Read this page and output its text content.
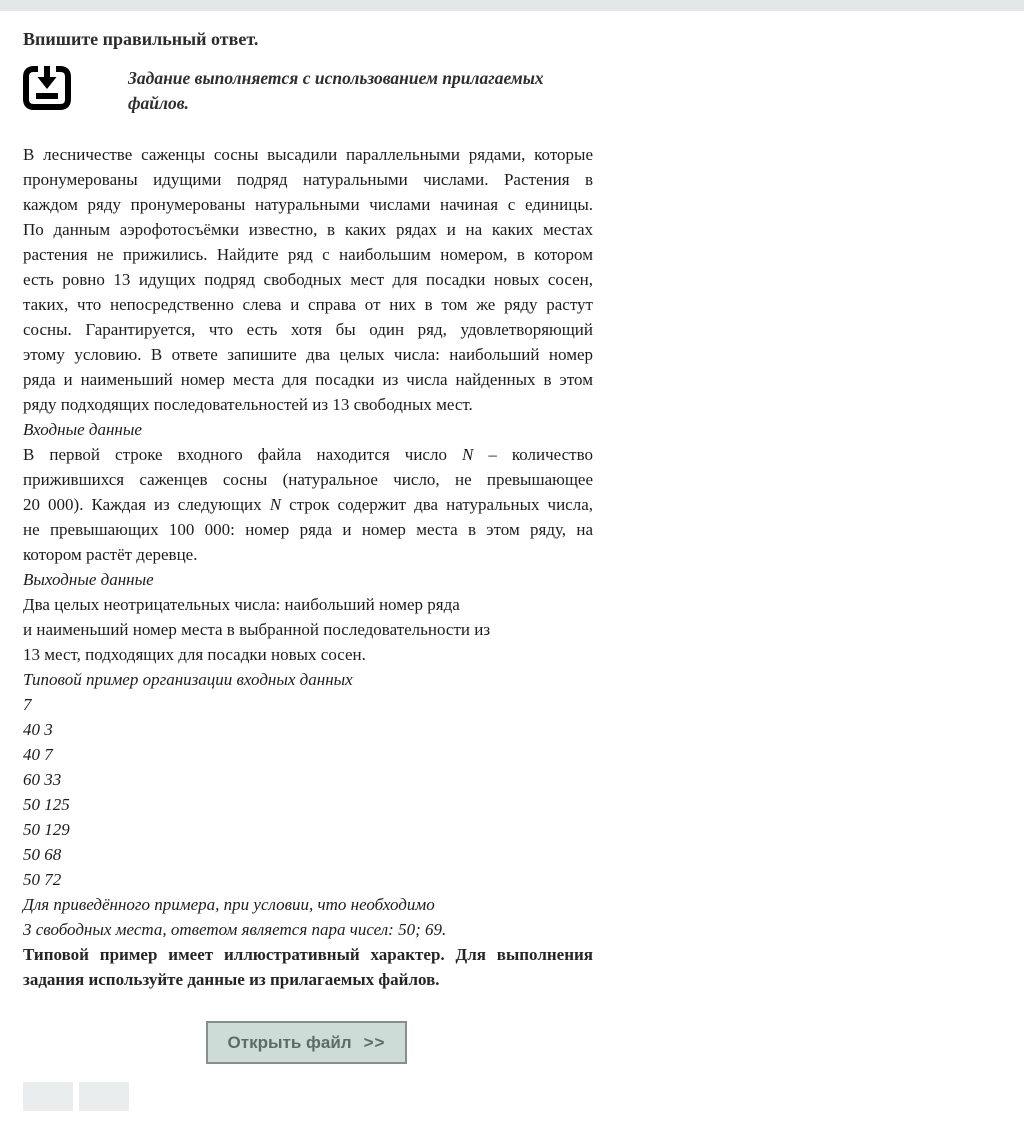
Впишите правильный ответ.
Задание выполняется с использованием прилагаемых
файлов.
В лесничестве саженцы сосны высадили параллельными рядами, которые
пронумерованы идущими подряд натуральными числами. Растения в
каждом ряду пронумерованы натуральными числами начиная с единицы.
По данным аэрофотосъёмки известно, в каких рядах и на каких местах
растения не прижились. Найдите ряд с наибольшим номером, в котором
есть ровно 13 идущих подряд свободных мест для посадки новых сосен,
таких, что непосредственно слева и справа от них в том же ряду растут
сосны. Гарантируется, что есть хотя бы один ряд, удовлетворяющий
этому условию. В ответе запишите два целых числа: наибольший номер
ряда и наименьший номер места для посадки из числа найденных в этом
ряду подходящих последовательностей из 13 свободных мест.
Входные данные
В первой строке входного файла находится число N – количество
прижившихся саженцев сосны (натуральное число, не превышающее
20 000). Каждая из следующих N строк содержит два натуральных числа,
не превышающих 100 000: номер ряда и номер места в этом ряду, на
котором растёт деревце.
Выходные данные
Два целых неотрицательных числа: наибольший номер ряда
и наименьший номер места в выбранной последовательности из
13 мест, подходящих для посадки новых сосен.
Типовой пример организации входных данных
7
40 3
40 7
60 33
50 125
50 129
50 68
50 72
Для приведённого примера, при условии, что необходимо
3 свободных места, ответом является пара чисел: 50; 69.
Типовой пример имеет иллюстративный характер. Для выполнения
задания используйте данные из прилагаемых файлов.
Открыть файл >>
